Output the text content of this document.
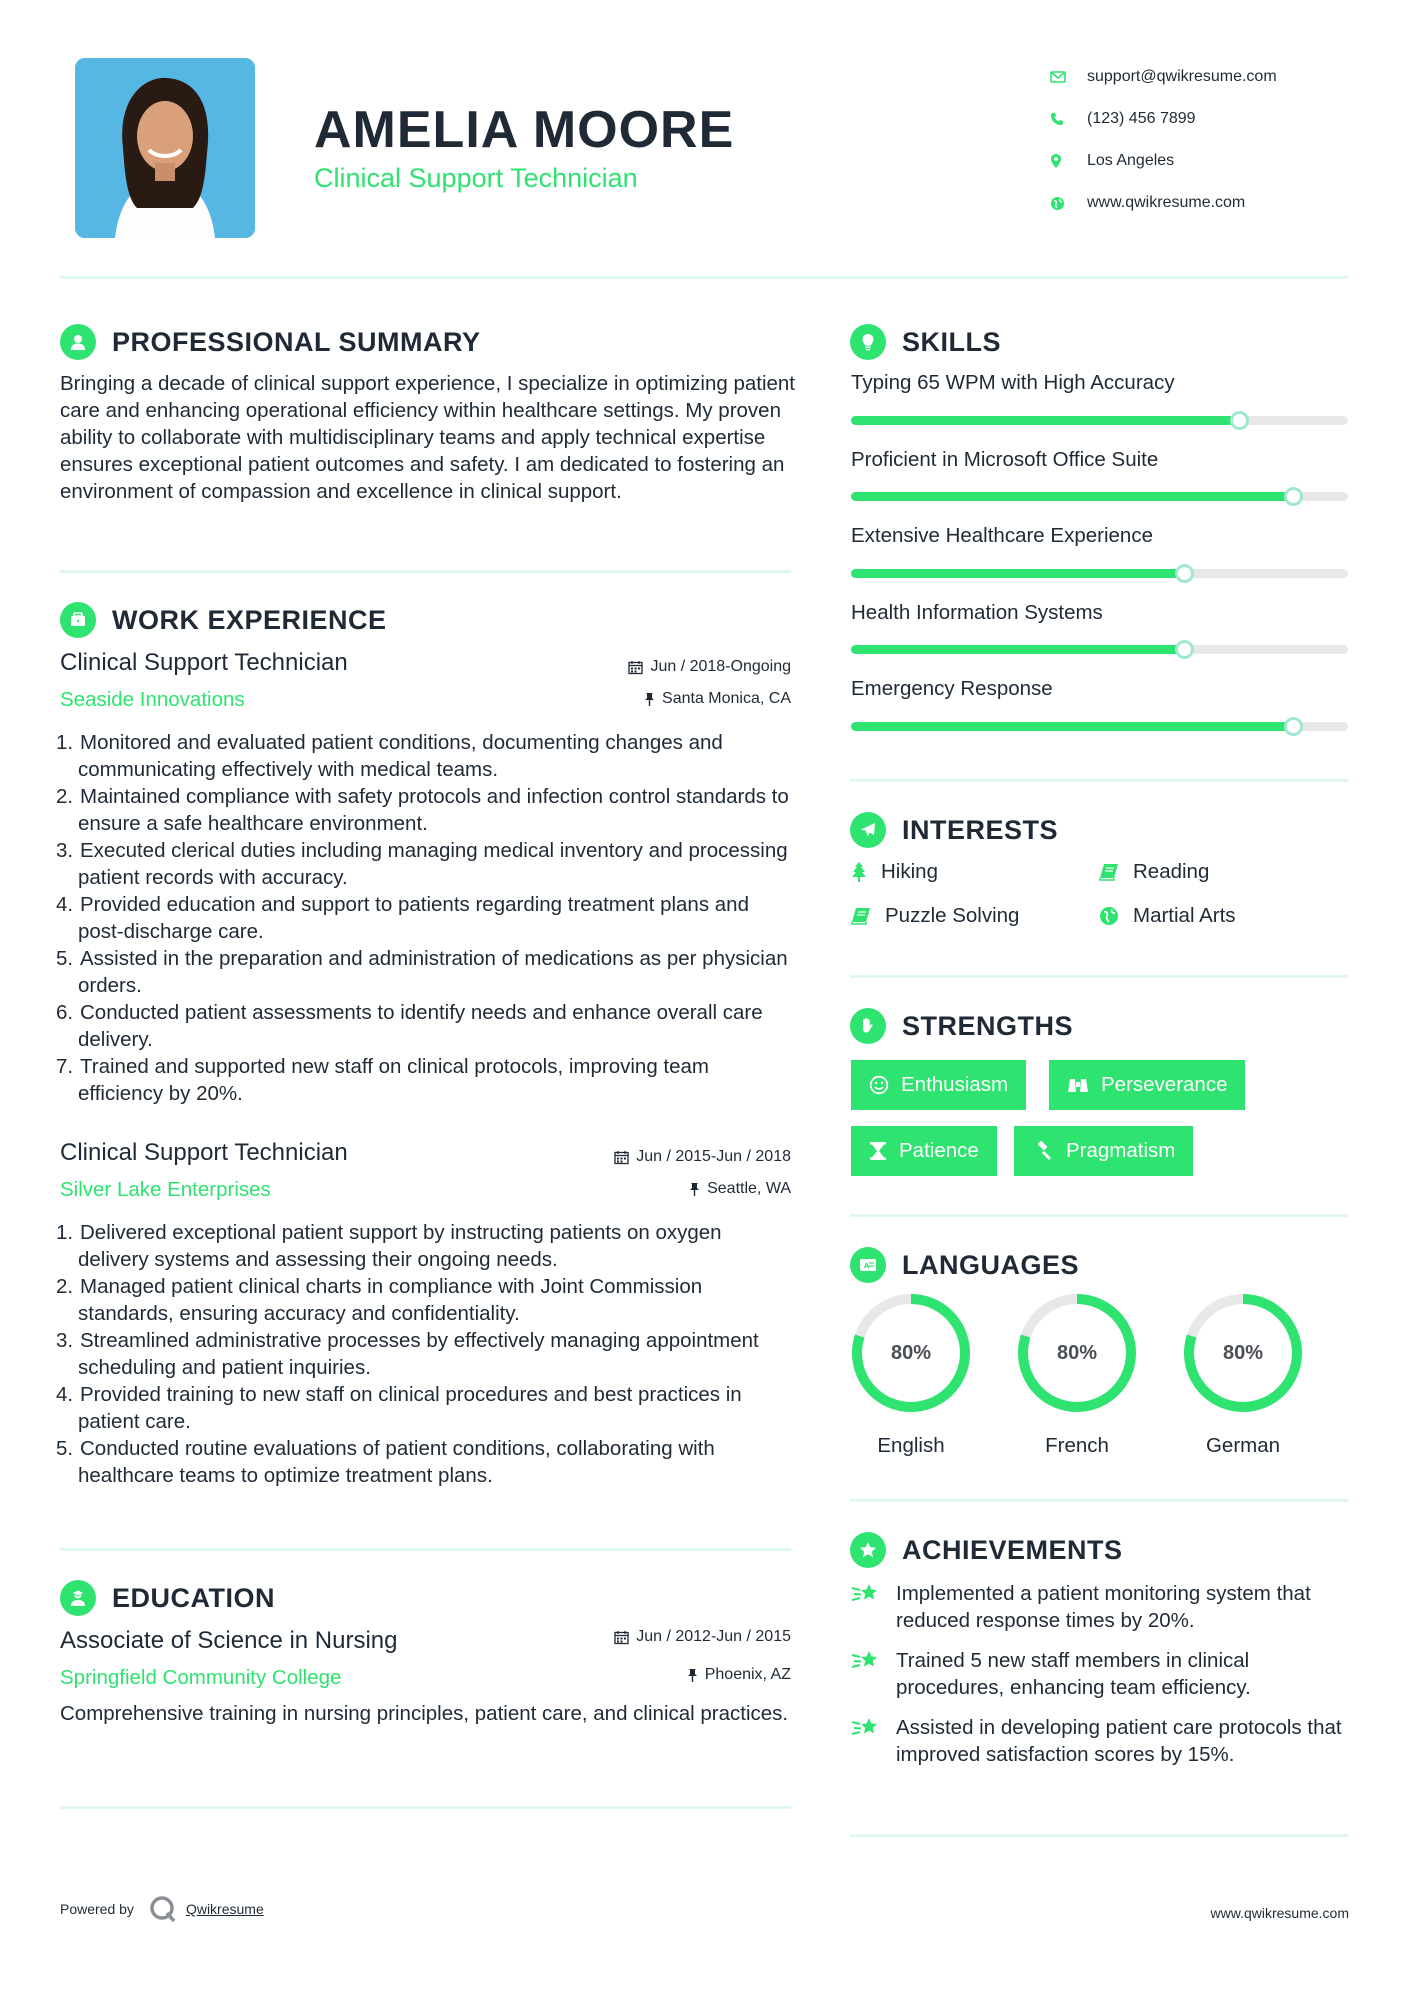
AMELIA MOORE
Clinical Support Technician
support@qwikresume.com
(123) 456 7899
Los Angeles
www.qwikresume.com
PROFESSIONAL SUMMARY
Bringing a decade of clinical support experience, I specialize in optimizing patient care and enhancing operational efficiency within healthcare settings. My proven ability to collaborate with multidisciplinary teams and apply technical expertise ensures exceptional patient outcomes and safety. I am dedicated to fostering an environment of compassion and excellence in clinical support.
WORK EXPERIENCE
Clinical Support Technician
Seaside Innovations
Jun / 2018-Ongoing
Santa Monica, CA
1. Monitored and evaluated patient conditions, documenting changes and communicating effectively with medical teams.
2. Maintained compliance with safety protocols and infection control standards to ensure a safe healthcare environment.
3. Executed clerical duties including managing medical inventory and processing patient records with accuracy.
4. Provided education and support to patients regarding treatment plans and post-discharge care.
5. Assisted in the preparation and administration of medications as per physician orders.
6. Conducted patient assessments to identify needs and enhance overall care delivery.
7. Trained and supported new staff on clinical protocols, improving team efficiency by 20%.
Clinical Support Technician
Silver Lake Enterprises
Jun / 2015-Jun / 2018
Seattle, WA
1. Delivered exceptional patient support by instructing patients on oxygen delivery systems and assessing their ongoing needs.
2. Managed patient clinical charts in compliance with Joint Commission standards, ensuring accuracy and confidentiality.
3. Streamlined administrative processes by effectively managing appointment scheduling and patient inquiries.
4. Provided training to new staff on clinical procedures and best practices in patient care.
5. Conducted routine evaluations of patient conditions, collaborating with healthcare teams to optimize treatment plans.
EDUCATION
Associate of Science in Nursing
Springfield Community College
Jun / 2012-Jun / 2015
Phoenix, AZ
Comprehensive training in nursing principles, patient care, and clinical practices.
SKILLS
Typing 65 WPM with High Accuracy
Proficient in Microsoft Office Suite
Extensive Healthcare Experience
Health Information Systems
Emergency Response
INTERESTS
Hiking	Reading
Puzzle Solving	Martial Arts
STRENGTHS
Enthusiasm	Perseverance
Patience	Pragmatism
A LANGUAGES
80%
English
80%
French
80%
German
ACHIEVEMENTS
Implemented a patient monitoring system that reduced response times by 20%.
Trained 5 new staff members in clinical procedures, enhancing team efficiency.
Assisted in developing patient care protocols that improved satisfaction scores by 15%.
Powered by	Qwikresume	www.qwikresume.com
